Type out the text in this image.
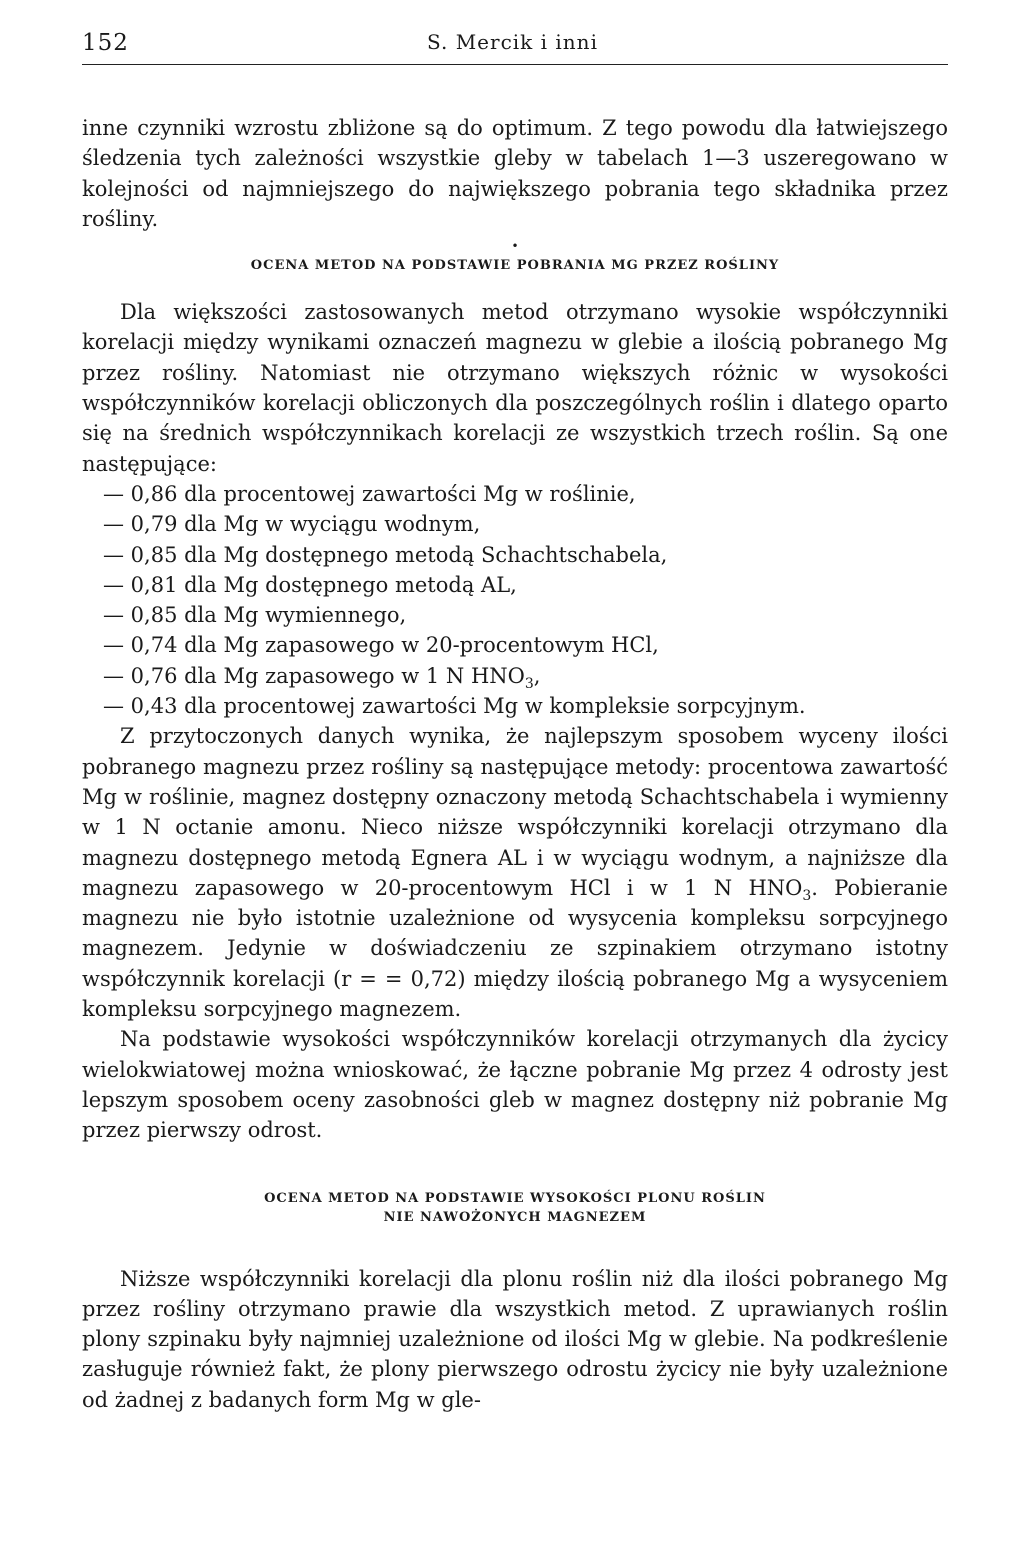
152	S. Mercik i inni

inne czynniki wzrostu zbliżone są do optimum. Z tego powodu dla łatwiejszego śledzenia tych zależności wszystkie gleby w tabelach 1—3 uszeregowano w kolejności od najmniejszego do największego pobrania tego składnika przez rośliny.

•

OCENA METOD NA PODSTAWIE POBRANIA MG PRZEZ ROŚLINY

Dla większości zastosowanych metod otrzymano wysokie współczynniki korelacji między wynikami oznaczeń magnezu w glebie a ilością pobranego Mg przez rośliny. Natomiast nie otrzymano większych różnic w wysokości współczynników korelacji obliczonych dla poszczególnych roślin i dlatego oparto się na średnich współczynnikach korelacji ze wszystkich trzech roślin. Są one następujące:

— 0,86 dla procentowej zawartości Mg w roślinie,
— 0,79 dla Mg w wyciągu wodnym,
— 0,85 dla Mg dostępnego metodą Schachtschabela,
— 0,81 dla Mg dostępnego metodą AL,
— 0,85 dla Mg wymiennego,
— 0,74 dla Mg zapasowego w 20-procentowym HCl,
— 0,76 dla Mg zapasowego w 1 N $HNO_3$,
— 0,43 dla procentowej zawartości Mg w kompleksie sorpcyjnym.

Z przytoczonych danych wynika, że najlepszym sposobem wyceny ilości pobranego magnezu przez rośliny są następujące metody: procentowa zawartość Mg w roślinie, magnez dostępny oznaczony metodą Schachtschabela i wymienny w 1 N octanie amonu. Nieco niższe współczynniki korelacji otrzymano dla magnezu dostępnego metodą Egnera AL i w wyciągu wodnym, a najniższe dla magnezu zapasowego w 20-procentowym HCl i w 1 N $HNO_3$. Pobieranie magnezu nie było istotnie uzależnione od wysycenia kompleksu sorpcyjnego magnezem. Jedynie w doświadczeniu ze szpinakiem otrzymano istotny współczynnik korelacji (r = = 0,72) między ilością pobranego Mg a wysyceniem kompleksu sorpcyjnego magnezem.

Na podstawie wysokości współczynników korelacji otrzymanych dla życicy wielokwiatowej można wnioskować, że łączne pobranie Mg przez 4 odrosty jest lepszym sposobem oceny zasobności gleb w magnez dostępny niż pobranie Mg przez pierwszy odrost.

OCENA METOD NA PODSTAWIE WYSOKOŚCI PLONU ROŚLIN

NIE NAWOŻONYCH MAGNEZEM

Niższe współczynniki korelacji dla plonu roślin niż dla ilości pobranego Mg przez rośliny otrzymano prawie dla wszystkich metod. Z uprawianych roślin plony szpinaku były najmniej uzależnione od ilości Mg w glebie. Na podkreślenie zasługuje również fakt, że plony pierwszego odrostu życicy nie były uzależnione od żadnej z badanych form Mg w gle-
